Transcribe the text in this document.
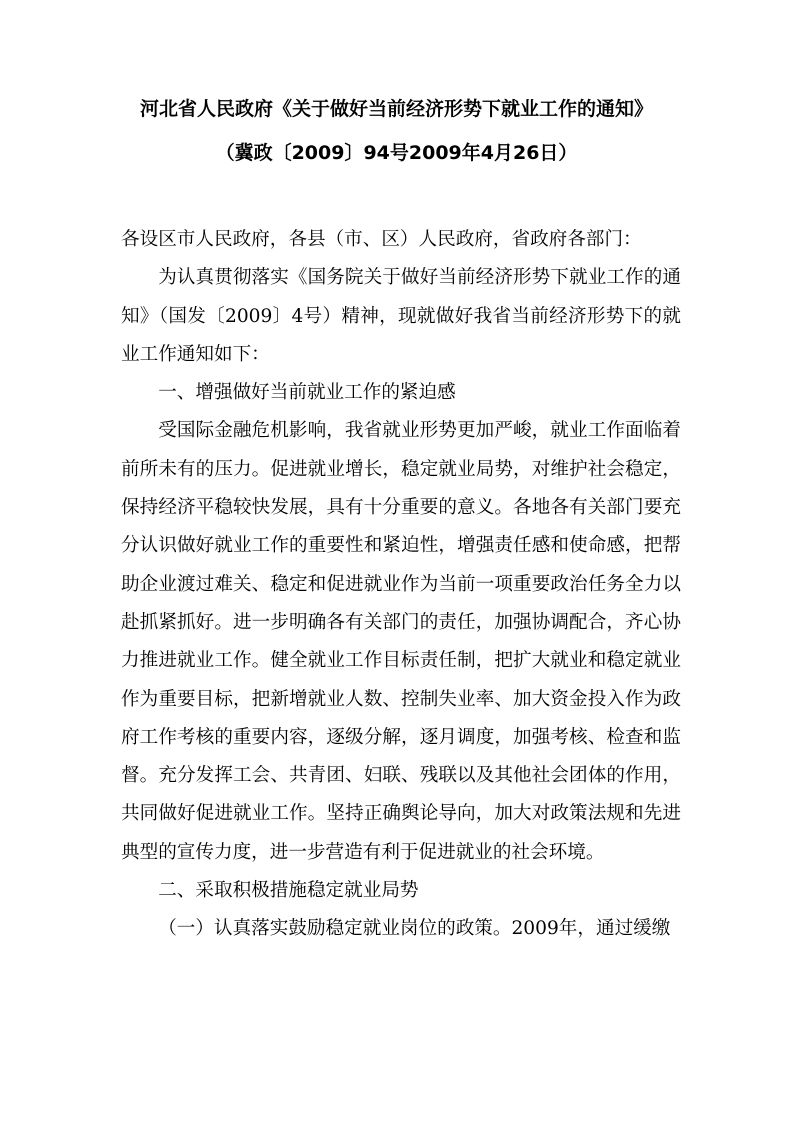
河北省人民政府《关于做好当前经济形势下就业工作的通知》
（冀政〔2009〕94号2009年4月26日）

各设区市人民政府，各县（市、区）人民政府，省政府各部门：

为认真贯彻落实《国务院关于做好当前经济形势下就业工作的通知》（国发〔2009〕4号）精神，现就做好我省当前经济形势下的就业工作通知如下：

一、增强做好当前就业工作的紧迫感

受国际金融危机影响，我省就业形势更加严峻，就业工作面临着前所未有的压力。促进就业增长，稳定就业局势，对维护社会稳定，保持经济平稳较快发展，具有十分重要的意义。各地各有关部门要充分认识做好就业工作的重要性和紧迫性，增强责任感和使命感，把帮助企业渡过难关、稳定和促进就业作为当前一项重要政治任务全力以赴抓紧抓好。进一步明确各有关部门的责任，加强协调配合，齐心协力推进就业工作。健全就业工作目标责任制，把扩大就业和稳定就业作为重要目标，把新增就业人数、控制失业率、加大资金投入作为政府工作考核的重要内容，逐级分解，逐月调度，加强考核、检查和监督。充分发挥工会、共青团、妇联、残联以及其他社会团体的作用，共同做好促进就业工作。坚持正确舆论导向，加大对政策法规和先进典型的宣传力度，进一步营造有利于促进就业的社会环境。

二、采取积极措施稳定就业局势

（一）认真落实鼓励稳定就业岗位的政策。2009年，通过缓缴
